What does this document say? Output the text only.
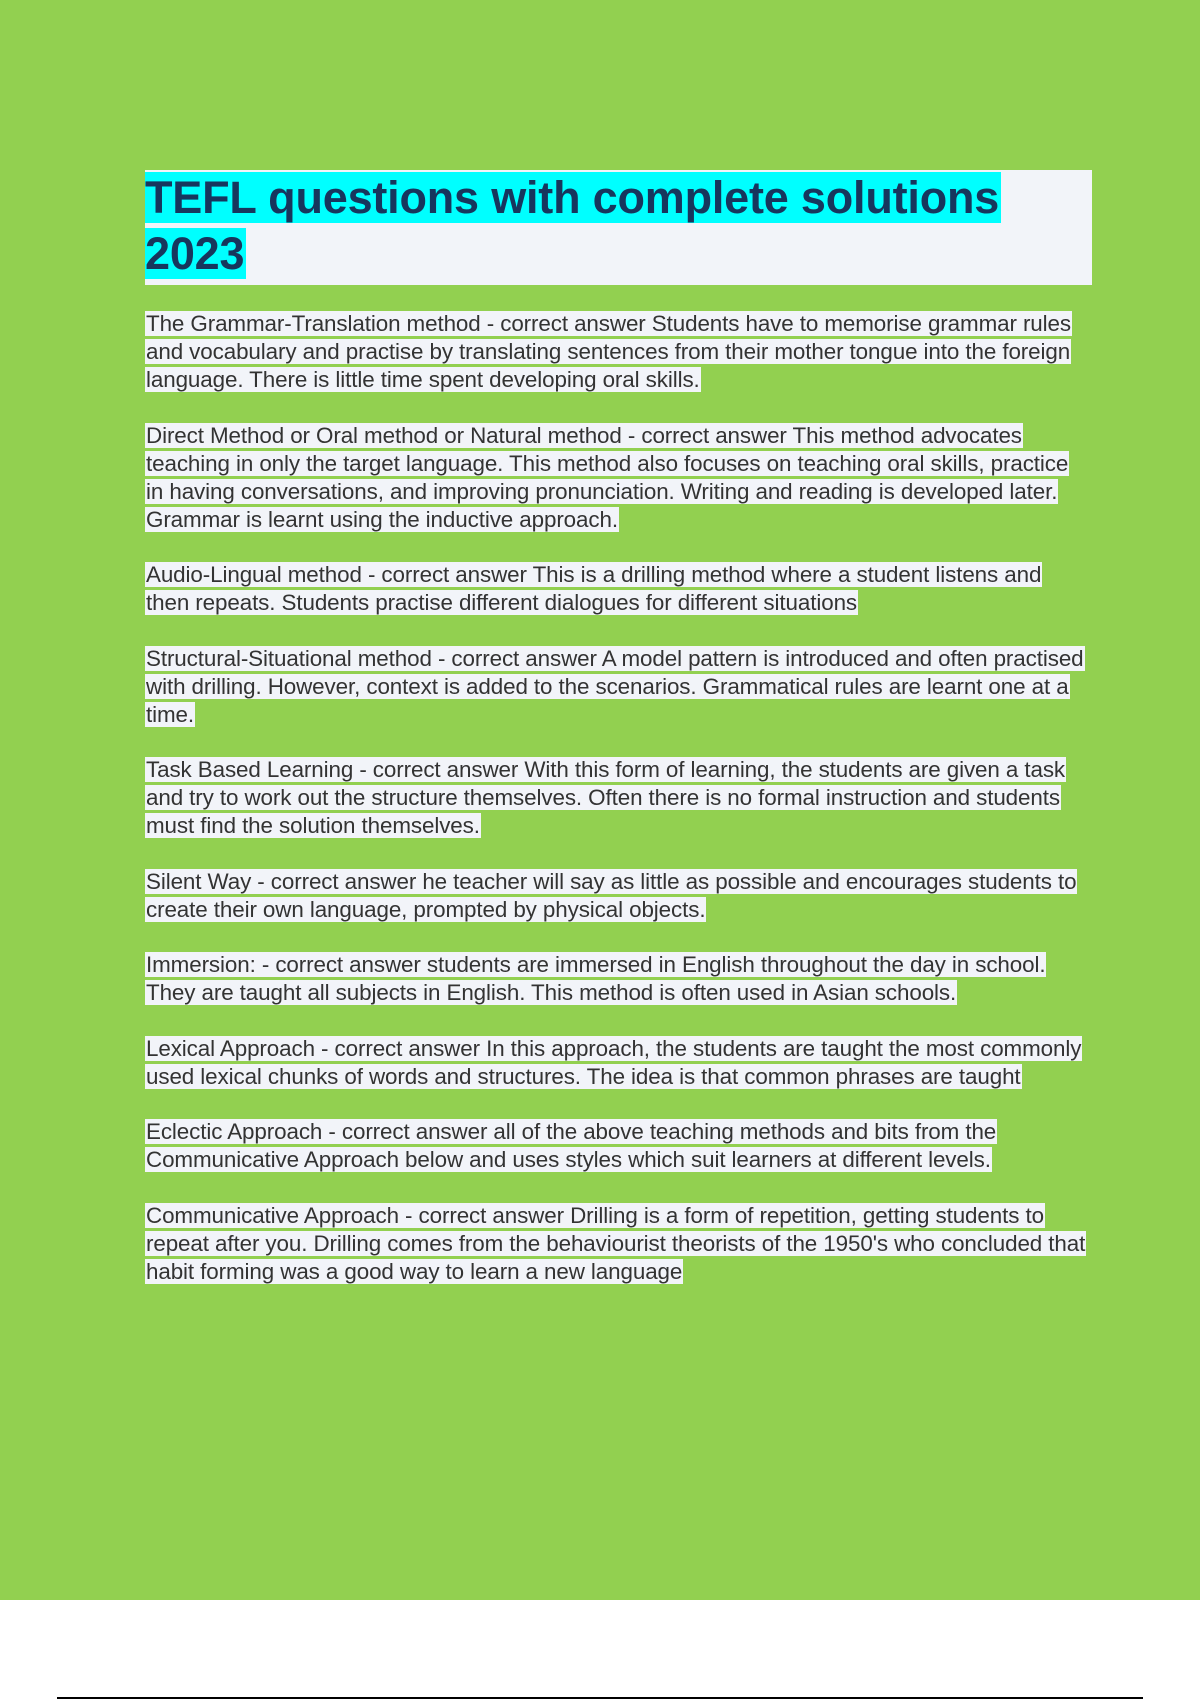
TEFL questions with complete solutions 2023

The Grammar-Translation method - correct answer Students have to memorise grammar rules and vocabulary and practise by translating sentences from their mother tongue into the foreign language. There is little time spent developing oral skills.

Direct Method or Oral method or Natural method - correct answer This method advocates teaching in only the target language. This method also focuses on teaching oral skills, practice in having conversations, and improving pronunciation. Writing and reading is developed later. Grammar is learnt using the inductive approach.

Audio-Lingual method - correct answer This is a drilling method where a student listens and then repeats. Students practise different dialogues for different situations

Structural-Situational method - correct answer A model pattern is introduced and often practised with drilling. However, context is added to the scenarios. Grammatical rules are learnt one at a time.

Task Based Learning - correct answer With this form of learning, the students are given a task and try to work out the structure themselves. Often there is no formal instruction and students must find the solution themselves.

Silent Way - correct answer he teacher will say as little as possible and encourages students to create their own language, prompted by physical objects.

Immersion: - correct answer students are immersed in English throughout the day in school. They are taught all subjects in English. This method is often used in Asian schools.

Lexical Approach - correct answer In this approach, the students are taught the most commonly used lexical chunks of words and structures. The idea is that common phrases are taught

Eclectic Approach - correct answer all of the above teaching methods and bits from the Communicative Approach below and uses styles which suit learners at different levels.

Communicative Approach - correct answer Drilling is a form of repetition, getting students to repeat after you. Drilling comes from the behaviourist theorists of the 1950's who concluded that habit forming was a good way to learn a new language
